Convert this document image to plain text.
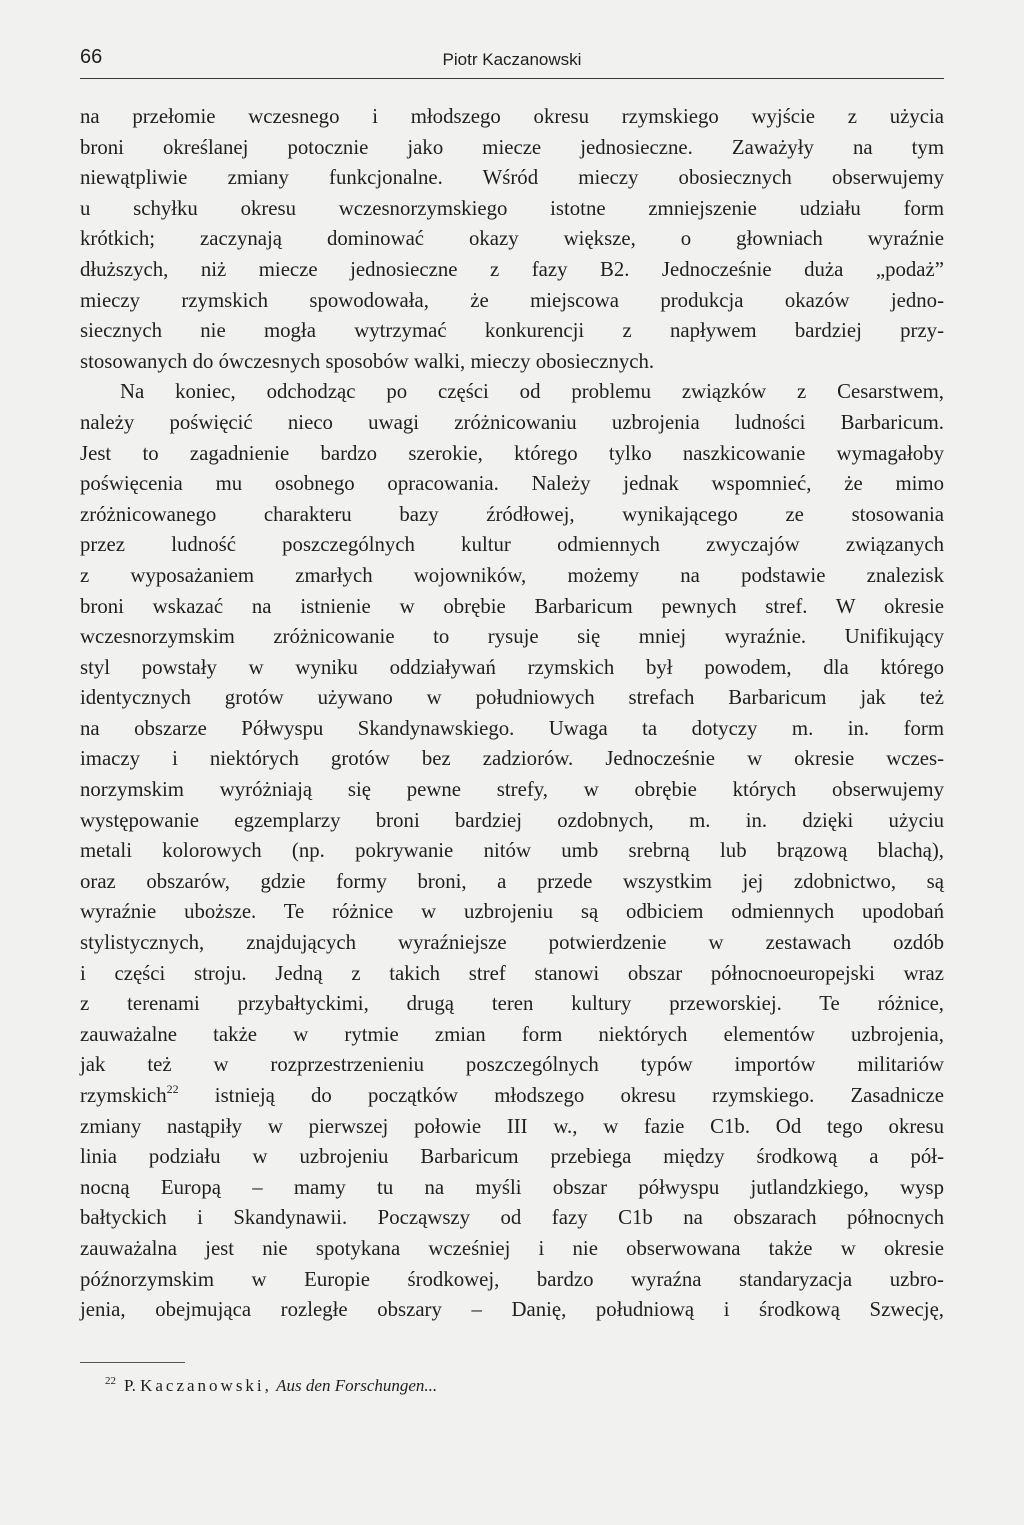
66	Piotr Kaczanowski
na przełomie wczesnego i młodszego okresu rzymskiego wyjście z użycia
broni określanej potocznie jako miecze jednosieczne. Zaważyły na tym
niewątpliwie zmiany funkcjonalne. Wśród mieczy obosiecznych obserwujemy
u schyłku okresu wczesnorzymskiego istotne zmniejszenie udziału form
krótkich; zaczynają dominować okazy większe, o głowniach wyraźnie
dłuższych, niż miecze jednosieczne z fazy B2. Jednocześnie duża „podaż”
mieczy rzymskich spowodowała, że miejscowa produkcja okazów jedno-
siecznych nie mogła wytrzymać konkurencji z napływem bardziej przy-
stosowanych do ówczesnych sposobów walki, mieczy obosiecznych.
Na koniec, odchodząc po części od problemu związków z Cesarstwem,
należy poświęcić nieco uwagi zróżnicowaniu uzbrojenia ludności Barbaricum.
Jest to zagadnienie bardzo szerokie, którego tylko naszkicowanie wymagałoby
poświęcenia mu osobnego opracowania. Należy jednak wspomnieć, że mimo
zróżnicowanego charakteru bazy źródłowej, wynikającego ze stosowania
przez ludność poszczególnych kultur odmiennych zwyczajów związanych
z wyposażaniem zmarłych wojowników, możemy na podstawie znalezisk
broni wskazać na istnienie w obrębie Barbaricum pewnych stref. W okresie
wczesnorzymskim zróżnicowanie to rysuje się mniej wyraźnie. Unifikujący
styl powstały w wyniku oddziaływań rzymskich był powodem, dla którego
identycznych grotów używano w południowych strefach Barbaricum jak też
na obszarze Półwyspu Skandynawskiego. Uwaga ta dotyczy m. in. form
imaczy i niektórych grotów bez zadziorów. Jednocześnie w okresie wczes-
norzymskim wyróżniają się pewne strefy, w obrębie których obserwujemy
występowanie egzemplarzy broni bardziej ozdobnych, m. in. dzięki użyciu
metali kolorowych (np. pokrywanie nitów umb srebrną lub brązową blachą),
oraz obszarów, gdzie formy broni, a przede wszystkim jej zdobnictwo, są
wyraźnie uboższe. Te różnice w uzbrojeniu są odbiciem odmiennych upodobań
stylistycznych, znajdujących wyraźniejsze potwierdzenie w zestawach ozdób
i części stroju. Jedną z takich stref stanowi obszar północnoeuropejski wraz
z terenami przybałtyckimi, drugą teren kultury przeworskiej. Te różnice,
zauważalne także w rytmie zmian form niektórych elementów uzbrojenia,
jak też w rozprzestrzenieniu poszczególnych typów importów militariów
rzymskich$^{22}$ istnieją do początków młodszego okresu rzymskiego. Zasadnicze
zmiany nastąpiły w pierwszej połowie III w., w fazie C1b. Od tego okresu
linia podziału w uzbrojeniu Barbaricum przebiega między środkową a pół-
nocną Europą – mamy tu na myśli obszar półwyspu jutlandzkiego, wysp
bałtyckich i Skandynawii. Począwszy od fazy C1b na obszarach północnych
zauważalna jest nie spotykana wcześniej i nie obserwowana także w okresie
późnorzymskim w Europie środkowej, bardzo wyraźna standaryzacja uzbro-
jenia, obejmująca rozległe obszary – Danię, południową i środkową Szwecję,
$^{22}$ P. Kaczanowski, Aus den Forschungen...
